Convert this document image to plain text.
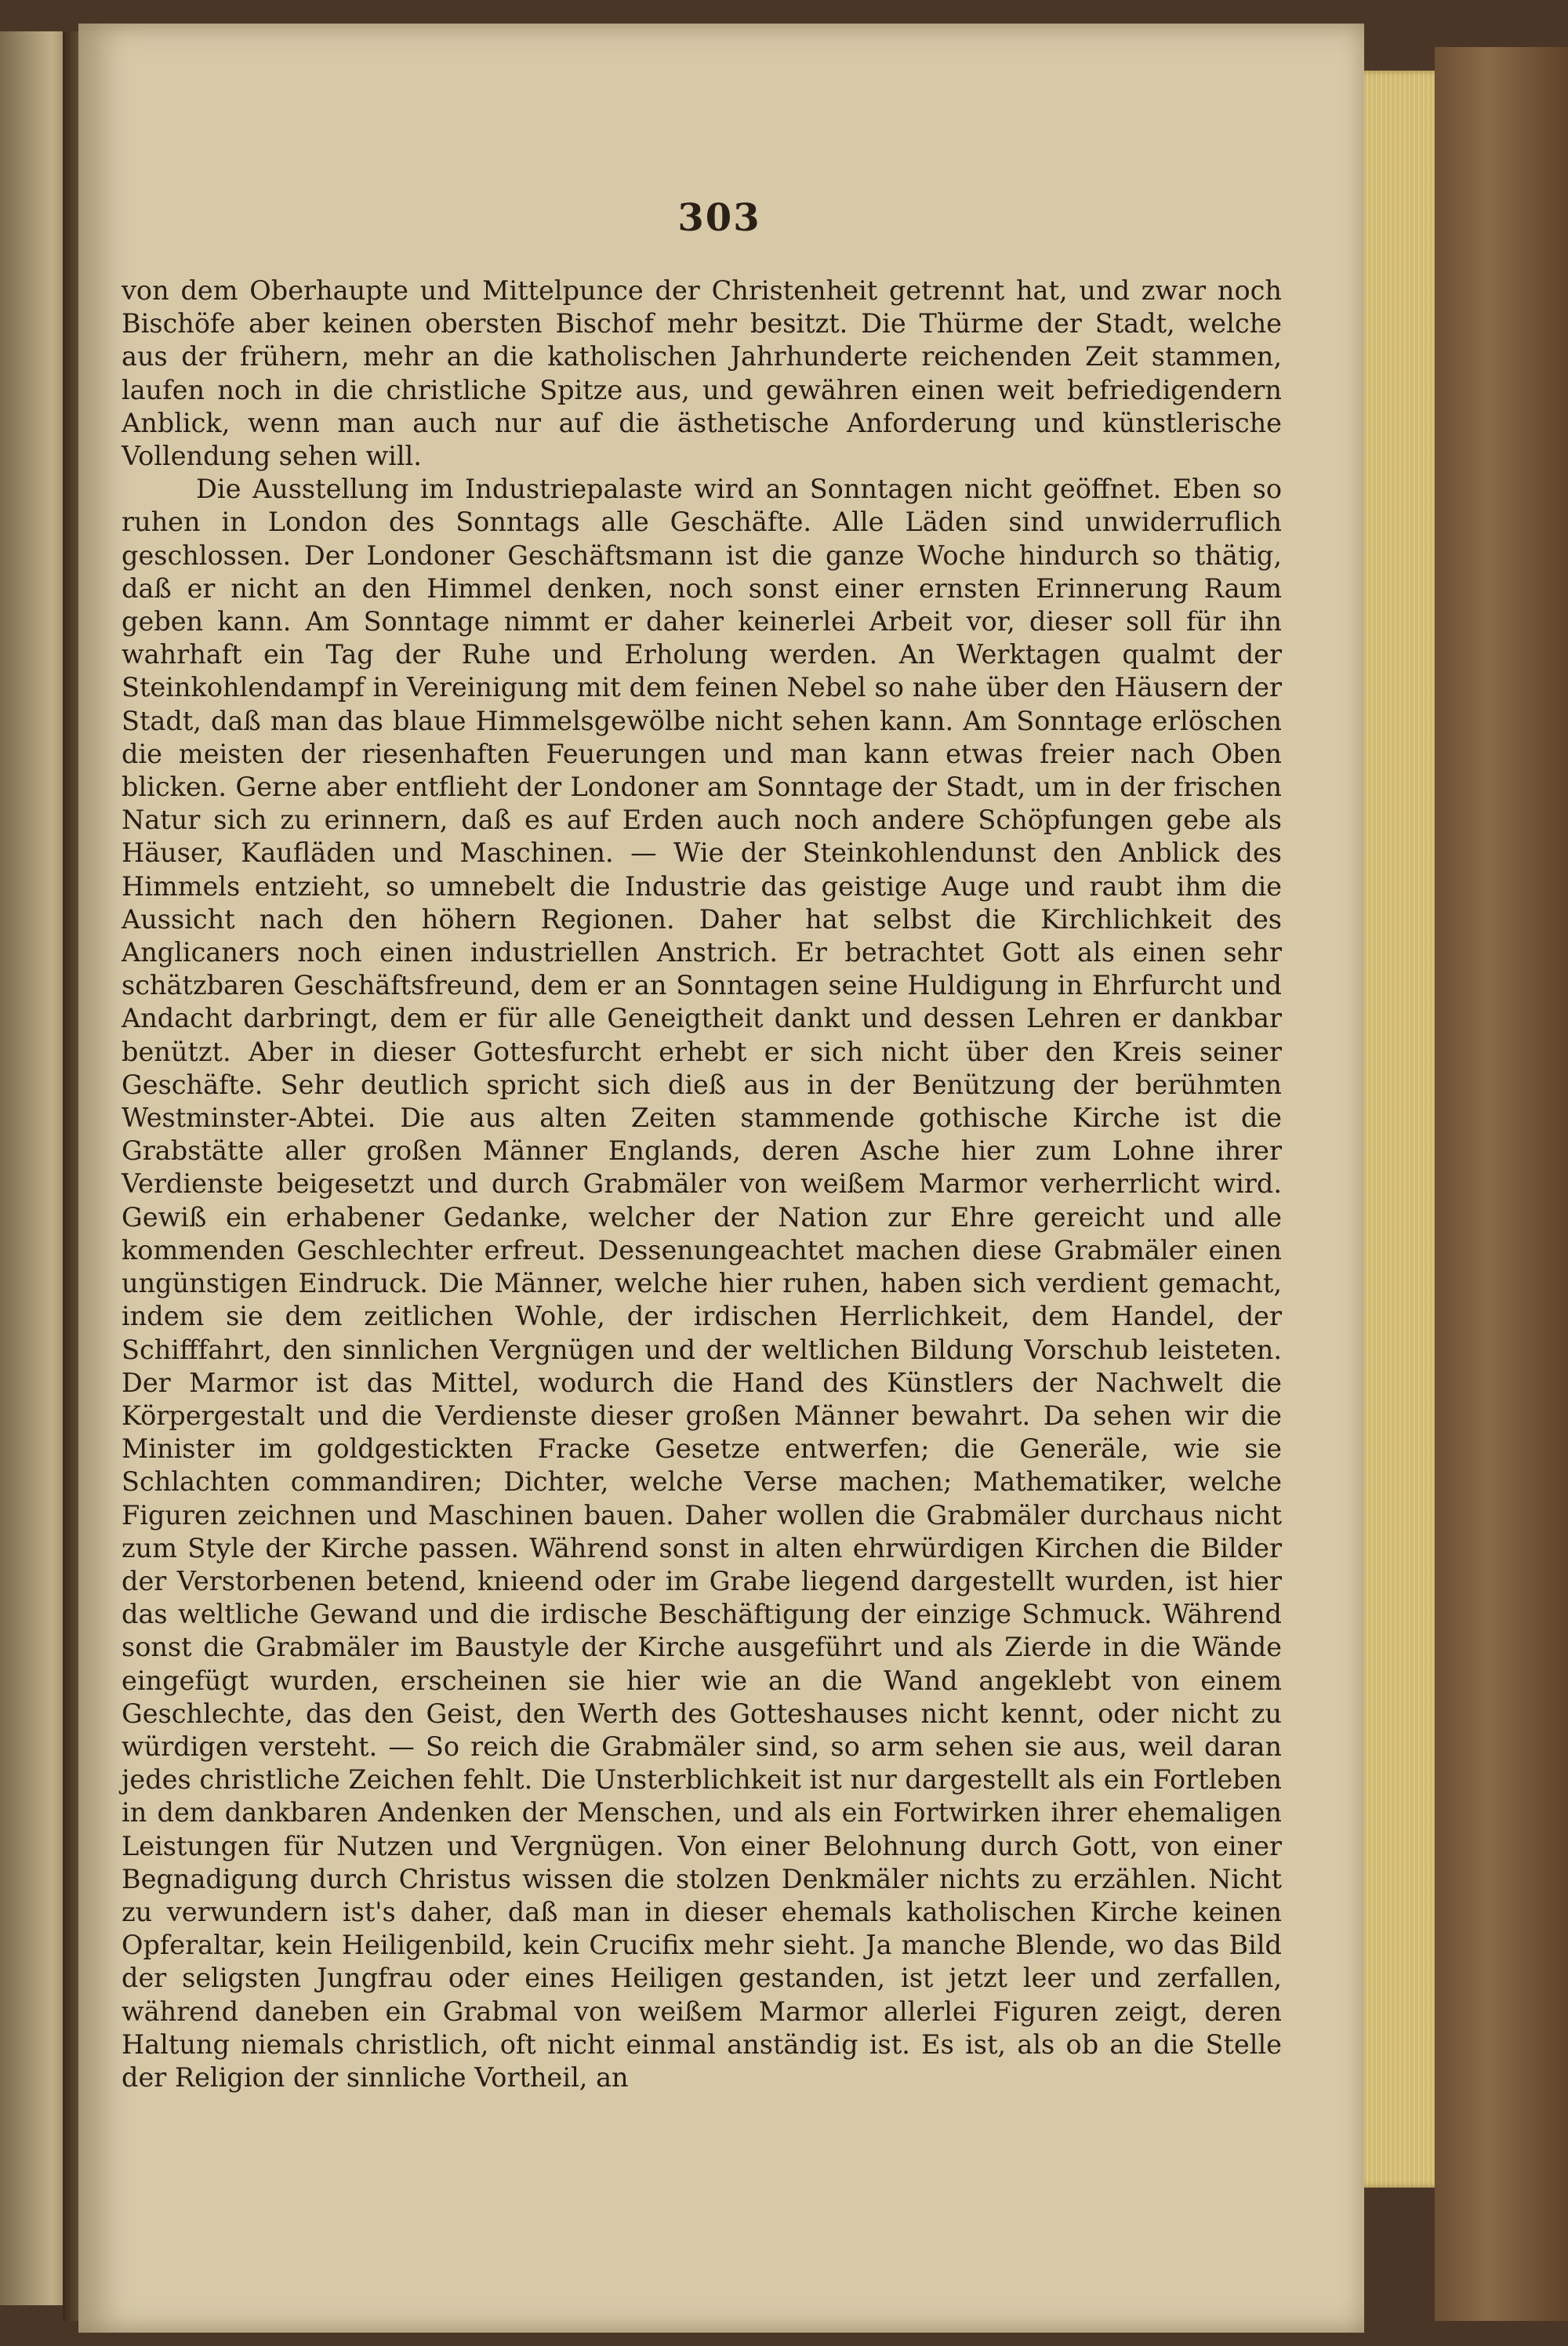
303

von dem Oberhaupte und Mittelpunce der Christenheit getrennt hat, und zwar noch Bischöfe aber keinen obersten Bischof mehr besitzt. Die Thürme der Stadt, welche aus der frühern, mehr an die katholischen Jahrhunderte reichenden Zeit stammen, laufen noch in die christliche Spitze aus, und gewähren einen weit befriedigendern Anblick, wenn man auch nur auf die ästhetische Anforderung und künstlerische Vollendung sehen will.

Die Ausstellung im Industriepalaste wird an Sonntagen nicht geöffnet. Eben so ruhen in London des Sonntags alle Geschäfte. Alle Läden sind unwiderruflich geschlossen. Der Londoner Geschäftsmann ist die ganze Woche hindurch so thätig, daß er nicht an den Himmel denken, noch sonst einer ernsten Erinnerung Raum geben kann. Am Sonntage nimmt er daher keinerlei Arbeit vor, dieser soll für ihn wahrhaft ein Tag der Ruhe und Erholung werden. An Werktagen qualmt der Steinkohlendampf in Vereinigung mit dem feinen Nebel so nahe über den Häusern der Stadt, daß man das blaue Himmelsgewölbe nicht sehen kann. Am Sonntage erlöschen die meisten der riesenhaften Feuerungen und man kann etwas freier nach Oben blicken. Gerne aber entflieht der Londoner am Sonntage der Stadt, um in der frischen Natur sich zu erinnern, daß es auf Erden auch noch andere Schöpfungen gebe als Häuser, Kaufläden und Maschinen. — Wie der Steinkohlendunst den Anblick des Himmels entzieht, so umnebelt die Industrie das geistige Auge und raubt ihm die Aussicht nach den höhern Regionen. Daher hat selbst die Kirchlichkeit des Anglicaners noch einen industriellen Anstrich. Er betrachtet Gott als einen sehr schätzbaren Geschäftsfreund, dem er an Sonntagen seine Huldigung in Ehrfurcht und Andacht darbringt, dem er für alle Geneigtheit dankt und dessen Lehren er dankbar benützt. Aber in dieser Gottesfurcht erhebt er sich nicht über den Kreis seiner Geschäfte. Sehr deutlich spricht sich dieß aus in der Benützung der berühmten Westminster-Abtei. Die aus alten Zeiten stammende gothische Kirche ist die Grabstätte aller großen Männer Englands, deren Asche hier zum Lohne ihrer Verdienste beigesetzt und durch Grabmäler von weißem Marmor verherrlicht wird. Gewiß ein erhabener Gedanke, welcher der Nation zur Ehre gereicht und alle kommenden Geschlechter erfreut. Dessenungeachtet machen diese Grabmäler einen ungünstigen Eindruck. Die Männer, welche hier ruhen, haben sich verdient gemacht, indem sie dem zeitlichen Wohle, der irdischen Herrlichkeit, dem Handel, der Schifffahrt, den sinnlichen Vergnügen und der weltlichen Bildung Vorschub leisteten. Der Marmor ist das Mittel, wodurch die Hand des Künstlers der Nachwelt die Körpergestalt und die Verdienste dieser großen Männer bewahrt. Da sehen wir die Minister im goldgestickten Fracke Gesetze entwerfen; die Generäle, wie sie Schlachten commandiren; Dichter, welche Verse machen; Mathematiker, welche Figuren zeichnen und Maschinen bauen. Daher wollen die Grabmäler durchaus nicht zum Style der Kirche passen. Während sonst in alten ehrwürdigen Kirchen die Bilder der Verstorbenen betend, knieend oder im Grabe liegend dargestellt wurden, ist hier das weltliche Gewand und die irdische Beschäftigung der einzige Schmuck. Während sonst die Grabmäler im Baustyle der Kirche ausgeführt und als Zierde in die Wände eingefügt wurden, erscheinen sie hier wie an die Wand angeklebt von einem Geschlechte, das den Geist, den Werth des Gotteshauses nicht kennt, oder nicht zu würdigen versteht. — So reich die Grabmäler sind, so arm sehen sie aus, weil daran jedes christliche Zeichen fehlt. Die Unsterblichkeit ist nur dargestellt als ein Fortleben in dem dankbaren Andenken der Menschen, und als ein Fortwirken ihrer ehemaligen Leistungen für Nutzen und Vergnügen. Von einer Belohnung durch Gott, von einer Begnadigung durch Christus wissen die stolzen Denkmäler nichts zu erzählen. Nicht zu verwundern ist's daher, daß man in dieser ehemals katholischen Kirche keinen Opferaltar, kein Heiligenbild, kein Crucifix mehr sieht. Ja manche Blende, wo das Bild der seligsten Jungfrau oder eines Heiligen gestanden, ist jetzt leer und zerfallen, während daneben ein Grabmal von weißem Marmor allerlei Figuren zeigt, deren Haltung niemals christlich, oft nicht einmal anständig ist. Es ist, als ob an die Stelle der Religion der sinnliche Vortheil, an
